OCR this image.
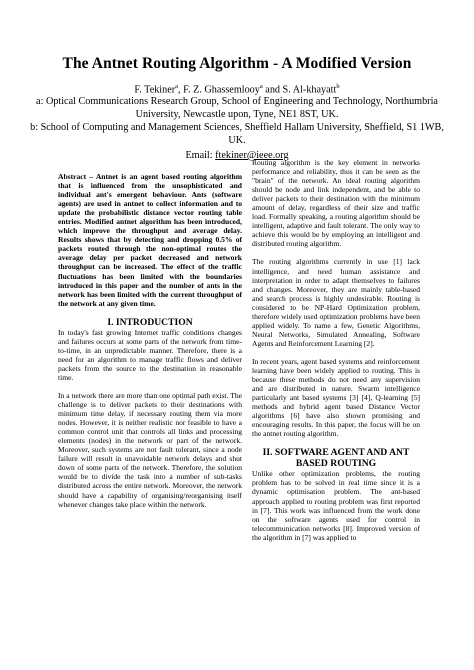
The Antnet Routing Algorithm - A Modified Version
F. Tekiner$^a$, F. Z. Ghassemlooy$^a$ and S. Al-khayatt$^b$
a: Optical Communications Research Group, School of Engineering and Technology, Northumbria University, Newcastle upon, Tyne, NE1 8ST, UK.
b: School of Computing and Management Sciences, Sheffield Hallam University, Sheffield, S1 1WB, UK.
Email: ftekiner@ieee.org

Abstract – Antnet is an agent based routing algorithm that is influenced from the unsophisticated and individual ant's emergent behaviour. Ants (software agents) are used in antnet to collect information and to update the probabilistic distance vector routing table entries. Modified antnet algorithm has been introduced, which improve the throughput and average delay. Results shows that by detecting and dropping 0.5% of packets routed through the non-optimal routes the average delay per packet decreased and network throughput can be increased. The effect of the traffic fluctuations has been limited with the boundaries introduced in this paper and the number of ants in the network has been limited with the current throughput of the network at any given time.

I. INTRODUCTION

In today's fast growing Internet traffic conditions changes and failures occurs at some parts of the network from time-to-time, in an unpredictable manner. Therefore, there is a need for an algorithm to manage traffic flows and deliver packets from the source to the destination in reasonable time.

In a network there are more than one optimal path exist. The challenge is to deliver packets to their destinations with minimum time delay, if necessary routing them via more nodes. However, it is neither realistic nor feasible to have a common control unit that controls all links and processing elements (nodes) in the network or part of the network. Moreover, such systems are not fault tolerant, since a node failure will result in unavoidable network delays and shut down of some parts of the network. Therefore, the solution would be to divide the task into a number of sub-tasks distributed across the entire network. Moreover, the network should have a capability of organising/reorganising itself whenever changes take place within the network.

Routing algorithm is the key element in networks performance and reliability, thus it can be seen as the "brain" of the network. An ideal routing algorithm should be node and link independent, and be able to deliver packets to their destination with the minimum amount of delay, regardless of their size and traffic load. Formally speaking, a routing algorithm should be intelligent, adaptive and fault tolerant. The only way to achieve this would be by employing an intelligent and distributed routing algorithm.

The routing algorithms currently in use [1] lack intelligence, and need human assistance and interpretation in order to adapt themselves to failures and changes. Moreover, they are mainly table-based and search process is highly undesirable. Routing is considered to be NP-Hard Optimization problem, therefore widely used optimization problems have been applied widely. To name a few, Genetic Algorithms, Neural Networks, Simulated Annealing, Software Agents and Reinforcement Learning [2].

In recent years, agent based systems and reinforcement learning have been widely applied to routing. This is because these methods do not need any supervision and are distributed in nature. Swarm intelligence particularly ant based systems [3] [4], Q-learning [5] methods and hybrid agent based Distance Vector algorithms [6] have also shown promising and encouraging results. In this paper, the focus will be on the antnet routing algorithm.

II. SOFTWARE AGENT AND ANT BASED ROUTING

Unlike other optimization problems, the routing problem has to be solved in real time since it is a dynamic optimisation problem. The ant-based approach applied to routing problem was first reported in [7]. This work was influenced from the work done on the software agents used for control in telecommunication networks [8]. Improved version of the algorithm in [7] was applied to
